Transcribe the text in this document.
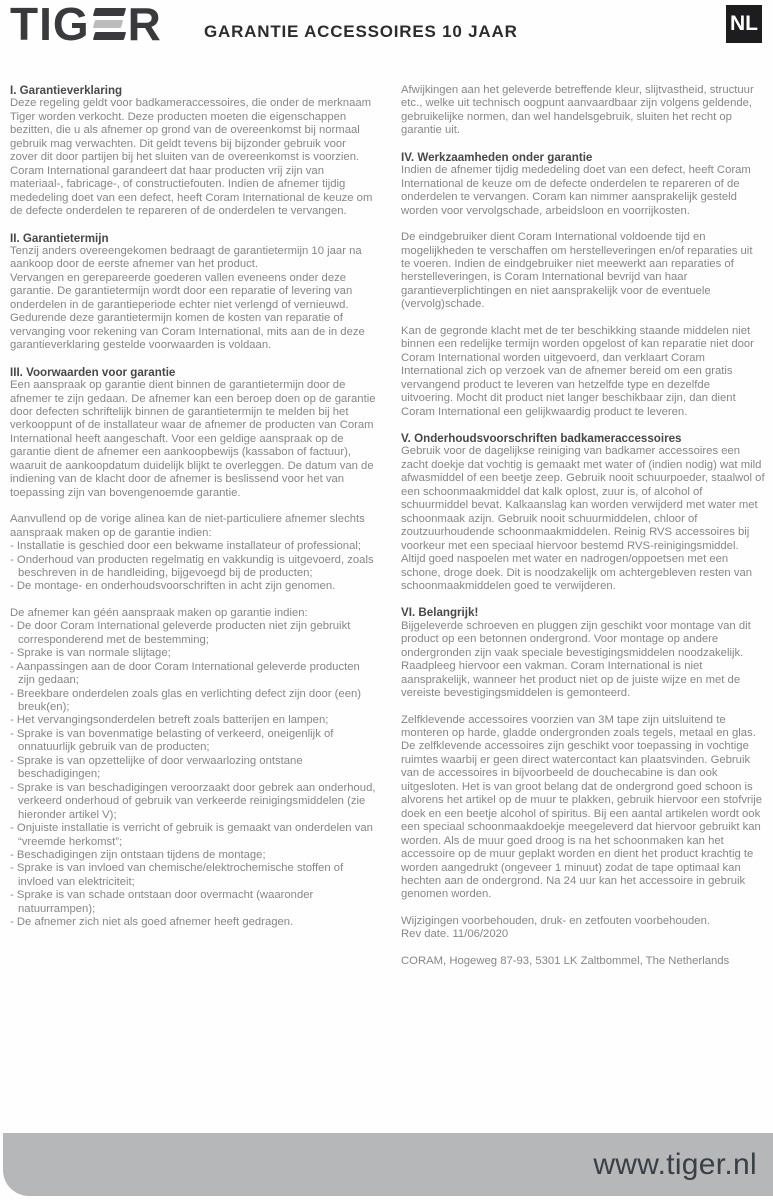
TIG R GARANTIE ACCESSOIRES 10 JAAR	NL

I. Garantieverklaring

Deze regeling geldt voor badkameraccessoires, die onder de merknaam Tiger worden verkocht. Deze producten moeten die eigenschappen bezitten, die u als afnemer op grond van de overeenkomst bij normaal gebruik mag verwachten. Dit geldt tevens bij bijzonder gebruik voor zover dit door partijen bij het sluiten van de overeenkomst is voorzien. Coram International garandeert dat haar producten vrij zijn van materiaal-, fabricage-, of constructiefouten. Indien de afnemer tijdig mededeling doet van een defect, heeft Coram International de keuze om de defecte onderdelen te repareren of de onderdelen te vervangen.

II. Garantietermijn

Tenzij anders overeengekomen bedraagt de garantietermijn 10 jaar na aankoop door de eerste afnemer van het product.

Vervangen en gerepareerde goederen vallen eveneens onder deze garantie. De garantietermijn wordt door een reparatie of levering van onderdelen in de garantieperiode echter niet verlengd of vernieuwd.

Gedurende deze garantietermijn komen de kosten van reparatie of vervanging voor rekening van Coram International, mits aan de in deze garantieverklaring gestelde voorwaarden is voldaan.

III. Voorwaarden voor garantie

Een aanspraak op garantie dient binnen de garantietermijn door de afnemer te zijn gedaan. De afnemer kan een beroep doen op de garantie door defecten schriftelijk binnen de garantietermijn te melden bij het verkooppunt of de installateur waar de afnemer de producten van Coram International heeft aangeschaft. Voor een geldige aanspraak op de garantie dient de afnemer een aankoopbewijs (kassabon of factuur), waaruit de aankoopdatum duidelijk blijkt te overleggen. De datum van de indiening van de klacht door de afnemer is beslissend voor het van toepassing zijn van bovengenoemde garantie.

Aanvullend op de vorige alinea kan de niet-particuliere afnemer slechts aanspraak maken op de garantie indien:

- Installatie is geschied door een bekwame installateur of professional;
- Onderhoud van producten regelmatig en vakkundig is uitgevoerd, zoals beschreven in de handleiding, bijgevoegd bij de producten;
- De montage- en onderhoudsvoorschriften in acht zijn genomen.

De afnemer kan géén aanspraak maken op garantie indien:

- De door Coram International geleverde producten niet zijn gebruikt corresponderend met de bestemming;
- Sprake is van normale slijtage;
- Aanpassingen aan de door Coram International geleverde producten zijn gedaan;
- Breekbare onderdelen zoals glas en verlichting defect zijn door (een) breuk(en);
- Het vervangingsonderdelen betreft zoals batterijen en lampen;
- Sprake is van bovenmatige belasting of verkeerd, oneigenlijk of onnatuurlijk gebruik van de producten;
- Sprake is van opzettelijke of door verwaarlozing ontstane beschadigingen;
- Sprake is van beschadigingen veroorzaakt door gebrek aan onderhoud, verkeerd onderhoud of gebruik van verkeerde reinigingsmiddelen (zie hieronder artikel V);
- Onjuiste installatie is verricht of gebruik is gemaakt van onderdelen van “vreemde herkomst”;
- Beschadigingen zijn ontstaan tijdens de montage;
- Sprake is van invloed van chemische/elektrochemische stoffen of invloed van elektriciteit;
- Sprake is van schade ontstaan door overmacht (waaronder natuurrampen);
- De afnemer zich niet als goed afnemer heeft gedragen.

Afwijkingen aan het geleverde betreffende kleur, slijtvastheid, structuur etc., welke uit technisch oogpunt aanvaardbaar zijn volgens geldende, gebruikelijke normen, dan wel handelsgebruik, sluiten het recht op garantie uit.

IV. Werkzaamheden onder garantie

Indien de afnemer tijdig mededeling doet van een defect, heeft Coram International de keuze om de defecte onderdelen te repareren of de onderdelen te vervangen. Coram kan nimmer aansprakelijk gesteld worden voor vervolgschade, arbeidsloon en voorrijkosten.

De eindgebruiker dient Coram International voldoende tijd en mogelijkheden te verschaffen om herstelleveringen en/of reparaties uit te voeren. Indien de eindgebruiker niet meewerkt aan reparaties of herstelleveringen, is Coram International bevrijd van haar garantieverplichtingen en niet aansprakelijk voor de eventuele (vervolg)schade.

Kan de gegronde klacht met de ter beschikking staande middelen niet binnen een redelijke termijn worden opgelost of kan reparatie niet door Coram International worden uitgevoerd, dan verklaart Coram International zich op verzoek van de afnemer bereid om een gratis vervangend product te leveren van hetzelfde type en dezelfde uitvoering. Mocht dit product niet langer beschikbaar zijn, dan dient Coram International een gelijkwaardig product te leveren.

V. Onderhoudsvoorschriften badkameraccessoires

Gebruik voor de dagelijkse reiniging van badkamer accessoires een zacht doekje dat vochtig is gemaakt met water of (indien nodig) wat mild afwasmiddel of een beetje zeep. Gebruik nooit schuurpoeder, staalwol of een schoonmaakmiddel dat kalk oplost, zuur is, of alcohol of schuurmiddel bevat. Kalkaanslag kan worden verwijderd met water met schoonmaak azijn. Gebruik nooit schuurmiddelen, chloor of zoutzuurhoudende schoonmaakmiddelen. Reinig RVS accessoires bij voorkeur met een speciaal hiervoor bestemd RVS-reinigingsmiddel. Altijd goed naspoelen met water en nadrogen/oppoetsen met een schone, droge doek. Dit is noodzakelijk om achtergebleven resten van schoonmaakmiddelen goed te verwijderen.

VI. Belangrijk!

Bijgeleverde schroeven en pluggen zijn geschikt voor montage van dit product op een betonnen ondergrond. Voor montage op andere ondergronden zijn vaak speciale bevestigingsmiddelen noodzakelijk. Raadpleeg hiervoor een vakman. Coram International is niet aansprakelijk, wanneer het product niet op de juiste wijze en met de vereiste bevestigingsmiddelen is gemonteerd.

Zelfklevende accessoires voorzien van 3M tape zijn uitsluitend te monteren op harde, gladde ondergronden zoals tegels, metaal en glas. De zelfklevende accessoires zijn geschikt voor toepassing in vochtige ruimtes waarbij er geen direct watercontact kan plaatsvinden. Gebruik van de accessoires in bijvoorbeeld de douchecabine is dan ook uitgesloten. Het is van groot belang dat de ondergrond goed schoon is alvorens het artikel op de muur te plakken, gebruik hiervoor een stofvrije doek en een beetje alcohol of spiritus. Bij een aantal artikelen wordt ook een speciaal schoonmaakdoekje meegeleverd dat hiervoor gebruikt kan worden. Als de muur goed droog is na het schoonmaken kan het accessoire op de muur geplakt worden en dient het product krachtig te worden aangedrukt (ongeveer 1 minuut) zodat de tape optimaal kan hechten aan de ondergrond. Na 24 uur kan het accessoire in gebruik genomen worden.

Wijzigingen voorbehouden, druk- en zetfouten voorbehouden.

Rev date. 11/06/2020

CORAM, Hogeweg 87-93, 5301 LK Zaltbommel, The Netherlands

www.tiger.nl
